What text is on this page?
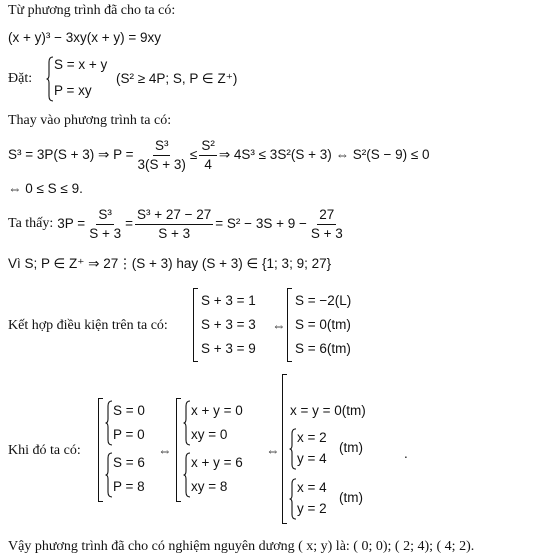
Từ phương trình đã cho ta có:
(x + y)³ − 3xy(x + y) = 9xy
Đặt:
S = x + y
P = xy
(S² ≥ 4P; S, P ∈ Z⁺)
Thay vào phương trình ta có:
S³ = 3P(S + 3) ⇒ $P = \frac{\text{S³}}{3(S + 3)} \le \frac{\text{S²}}{4}$ ⇒ 4S³ ≤ 3S²(S + 3) ⇔ S²(S − 9) ≤ 0
⇔ 0 ≤ S ≤ 9.
Ta thấy: $3P = \frac{\text{S³}}{S + 3} = \frac{\text{S³ + 27 − 27}}{S + 3} = S^2 - 3S + 9 - \frac{27}{S + 3}$
Vì S; P ∈ Z⁺ ⇒ 27⋮(S + 3) hay (S + 3) ∈ {1; 3; 9; 27}
Kết hợp điều kiện trên ta có:
S + 3 = 1
S + 3 = 3
S + 3 = 9
⇔
S = −2(L)
S = 0(tm)
S = 6(tm)
Khi đó ta có:
S = 0
P = 0
S = 6
P = 8
⇔
x + y = 0
xy = 0
x + y = 6
xy = 8
⇔
x = y = 0(tm)
x = 2
y = 4
(tm)
x = 4
y = 2
(tm)
.
Vậy phương trình đã cho có nghiệm nguyên dương ( x; y) là: ( 0; 0); ( 2; 4); ( 4; 2).
